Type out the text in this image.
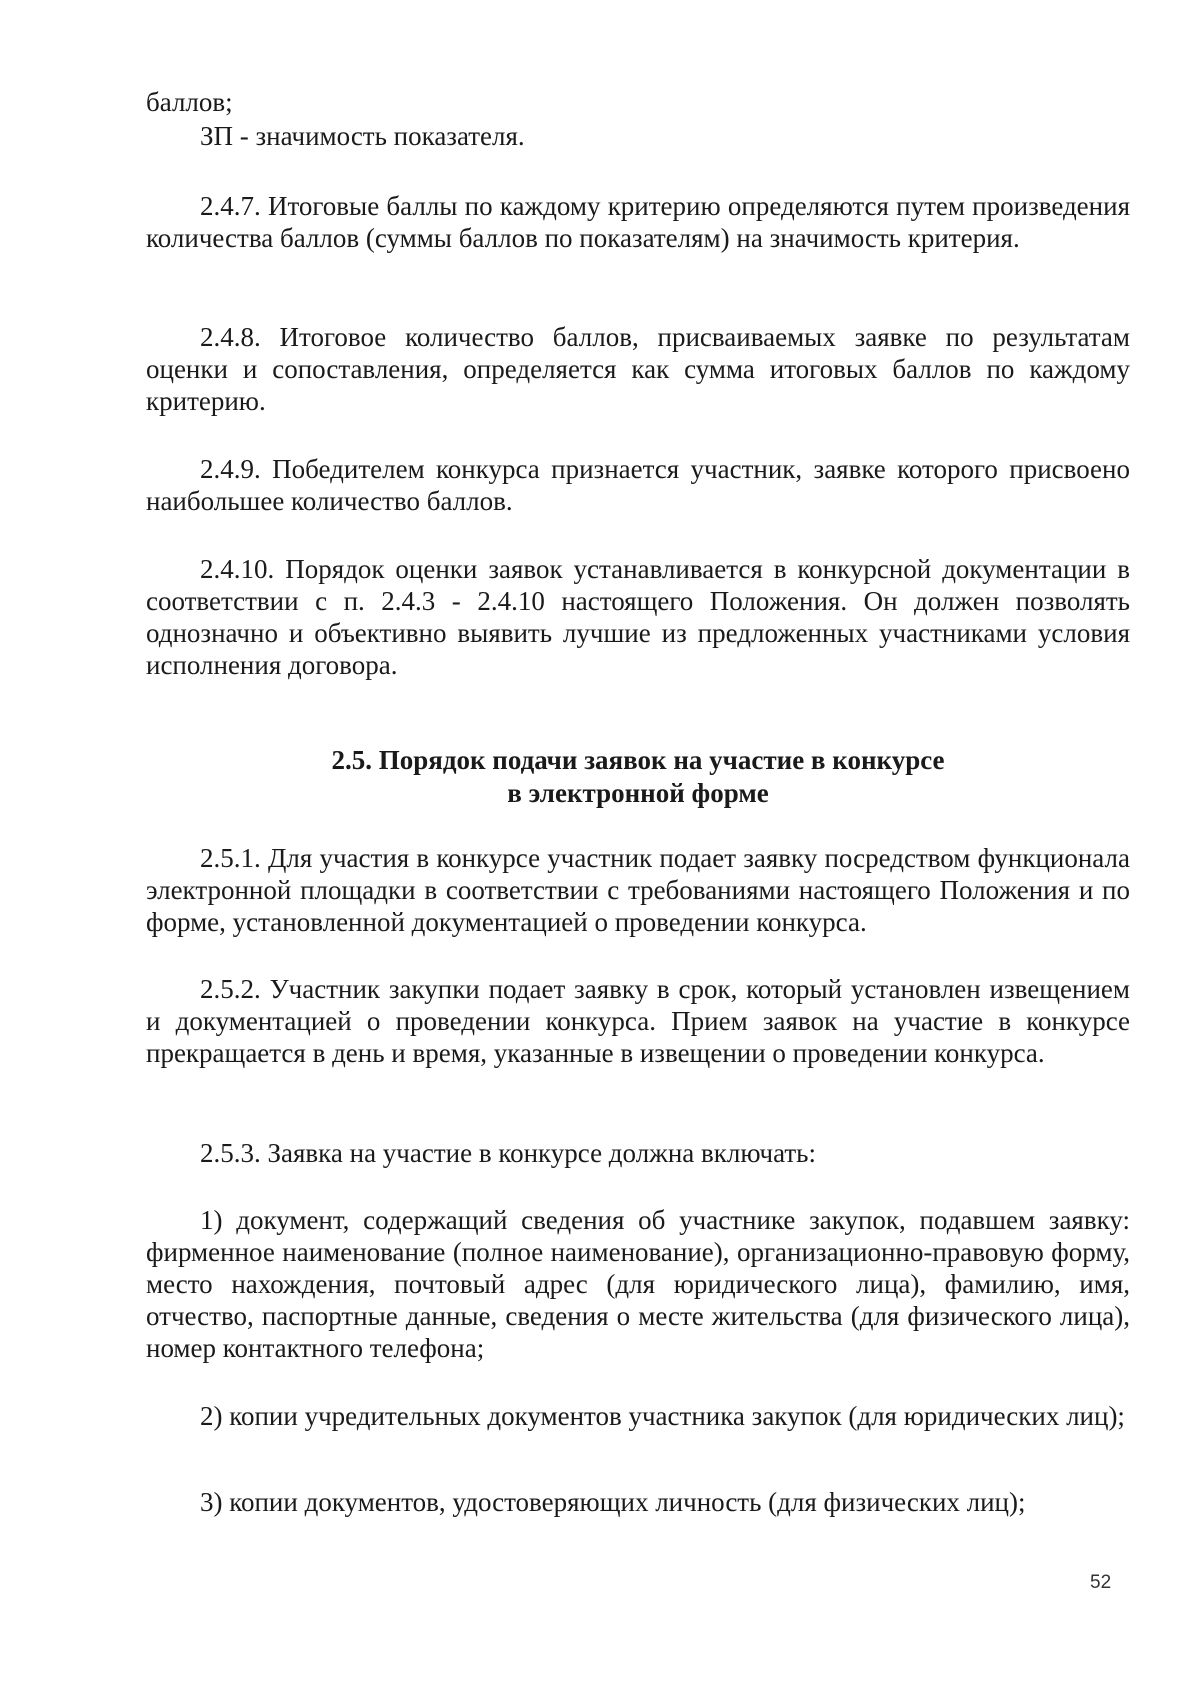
баллов;

ЗП - значимость показателя.

2.4.7. Итоговые баллы по каждому критерию определяются путем произведения количества баллов (суммы баллов по показателям) на значимость критерия.

2.4.8. Итоговое количество баллов, присваиваемых заявке по результатам оценки и сопоставления, определяется как сумма итоговых баллов по каждому критерию.

2.4.9. Победителем конкурса признается участник, заявке которого присвоено наибольшее количество баллов.

2.4.10. Порядок оценки заявок устанавливается в конкурсной документации в соответствии с п. 2.4.3 - 2.4.10 настоящего Положения. Он должен позволять однозначно и объективно выявить лучшие из предложенных участниками условия исполнения договора.

2.5. Порядок подачи заявок на участие в конкурсе
в электронной форме

2.5.1. Для участия в конкурсе участник подает заявку посредством функционала электронной площадки в соответствии с требованиями настоящего Положения и по форме, установленной документацией о проведении конкурса.

2.5.2. Участник закупки подает заявку в срок, который установлен извещением и документацией о проведении конкурса. Прием заявок на участие в конкурсе прекращается в день и время, указанные в извещении о проведении конкурса.

2.5.3. Заявка на участие в конкурсе должна включать:

1) документ, содержащий сведения об участнике закупок, подавшем заявку: фирменное наименование (полное наименование), организационно-правовую форму, место нахождения, почтовый адрес (для юридического лица), фамилию, имя, отчество, паспортные данные, сведения о месте жительства (для физического лица), номер контактного телефона;

2) копии учредительных документов участника закупок (для юридических лиц);

3) копии документов, удостоверяющих личность (для физических лиц);

52
